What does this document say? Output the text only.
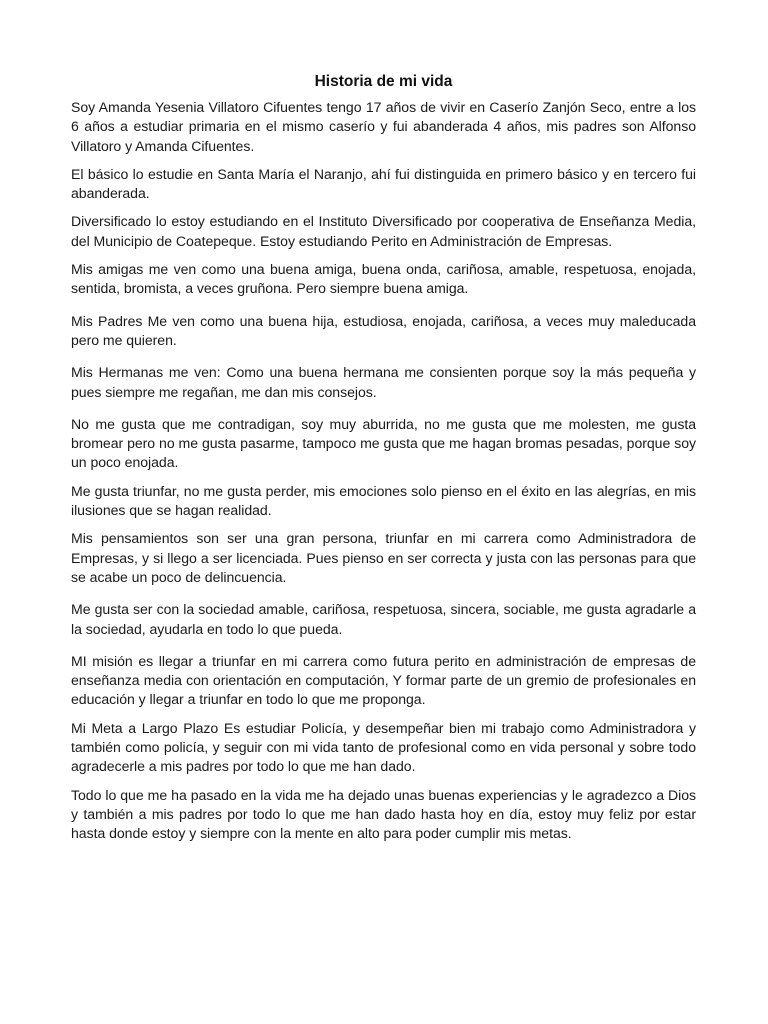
Historia de mi vida

Soy Amanda Yesenia Villatoro Cifuentes tengo 17 años de vivir en Caserío Zanjón Seco, entre a los 6 años a estudiar primaria en el mismo caserío y fui abanderada 4 años, mis padres son Alfonso Villatoro y Amanda Cifuentes.

El básico lo estudie en Santa María el Naranjo, ahí fui distinguida en primero básico y en tercero fui abanderada.

Diversificado lo estoy estudiando en el Instituto Diversificado por cooperativa de Enseñanza Media, del Municipio de Coatepeque. Estoy estudiando Perito en Administración de Empresas.

Mis amigas me ven como una buena amiga, buena onda, cariñosa, amable, respetuosa, enojada, sentida, bromista, a veces gruñona. Pero siempre buena amiga.

Mis Padres Me ven como una buena hija, estudiosa, enojada, cariñosa, a veces muy maleducada pero me quieren.

Mis Hermanas me ven: Como una buena hermana me consienten porque soy la más pequeña y pues siempre me regañan, me dan mis consejos.

No me gusta que me contradigan, soy muy aburrida, no me gusta que me molesten, me gusta bromear pero no me gusta pasarme, tampoco me gusta que me hagan bromas pesadas, porque soy un poco enojada.

Me gusta triunfar, no me gusta perder, mis emociones solo pienso en el éxito en las alegrías, en mis ilusiones que se hagan realidad.

Mis pensamientos son ser una gran persona, triunfar en mi carrera como Administradora de Empresas, y si llego a ser licenciada. Pues pienso en ser correcta y justa con las personas para que se acabe un poco de delincuencia.

Me gusta ser con la sociedad amable, cariñosa, respetuosa, sincera, sociable, me gusta agradarle a la sociedad, ayudarla en todo lo que pueda.

MI misión es llegar a triunfar en mi carrera como futura perito en administración de empresas de enseñanza media con orientación en computación, Y formar parte de un gremio de profesionales en educación y llegar a triunfar en todo lo que me proponga.

Mi Meta a Largo Plazo Es estudiar Policía, y desempeñar bien mi trabajo como Administradora y también como policía, y seguir con mi vida tanto de profesional como en vida personal y sobre todo agradecerle a mis padres por todo lo que me han dado.

Todo lo que me ha pasado en la vida me ha dejado unas buenas experiencias y le agradezco a Dios y también a mis padres por todo lo que me han dado hasta hoy en día, estoy muy feliz por estar hasta donde estoy y siempre con la mente en alto para poder cumplir mis metas.
